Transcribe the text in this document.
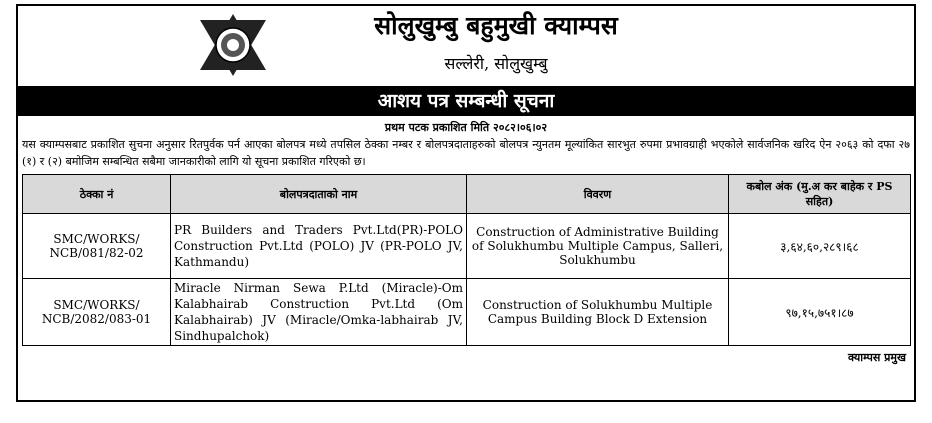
सोलुखुम्बु बहुमुखी क्याम्पस
सल्लेरी, सोलुखुम्बु
आशय पत्र सम्बन्धी सूचना
प्रथम पटक प्रकाशित मिति २०८२।०६।०२
यस क्याम्पसबाट प्रकाशित सुचना अनुसार रितपुर्वक पर्न आएका बोलपत्र मध्ये तपसिल ठेक्का नम्बर र बोलपत्रदाताहरुको बोलपत्र न्युनतम मूल्यांकित सारभुत रुपमा प्रभावग्राही भएकोले सार्वजनिक खरिद ऐन २०६३ को दफा २७ (१) र (२) बमोजिम सम्बन्धित सबैमा जानकारीको लागि यो सूचना प्रकाशित गरिएको छ।
ठेक्का नं	बोलपत्रदाताको नाम	विवरण	कबोल अंक (मु.अ कर बाहेक र PS सहित)
SMC/WORKS/ NCB/081/82-02	PR Builders and Traders Pvt.Ltd(PR)-POLO Construction Pvt.Ltd (POLO) JV (PR-POLO JV, Kathmandu)	Construction of Administrative Building of Solukhumbu Multiple Campus, Salleri, Solukhumbu	३,६४,६०,२८९।६८
SMC/WORKS/ NCB/2082/083-01	Miracle Nirman Sewa P.Ltd (Miracle)-Om Kalabhairab Construction Pvt.Ltd (Om Kalabhairab) JV (Miracle/Omka-labhairab JV, Sindhupalchok)	Construction of Solukhumbu Multiple Campus Building Block D Extension	९७,१५,७५१।८७
क्याम्पस प्रमुख
